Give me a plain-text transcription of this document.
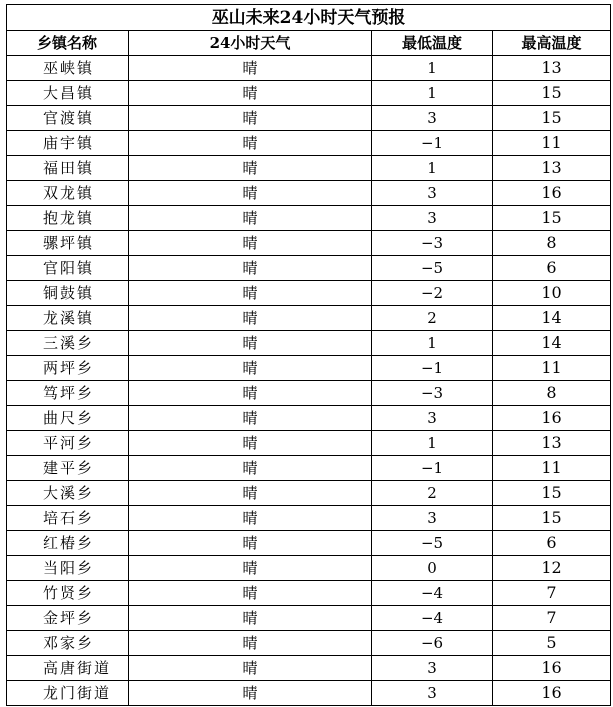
巫山未来24小时天气预报			
乡镇名称	24小时天气	最低温度	最高温度
巫峡镇	晴	1	13
大昌镇	晴	1	15
官渡镇	晴	3	15
庙宇镇	晴	−1	11
福田镇	晴	1	13
双龙镇	晴	3	16
抱龙镇	晴	3	15
骡坪镇	晴	−3	8
官阳镇	晴	−5	6
铜鼓镇	晴	−2	10
龙溪镇	晴	2	14
三溪乡	晴	1	14
两坪乡	晴	−1	11
笃坪乡	晴	−3	8
曲尺乡	晴	3	16
平河乡	晴	1	13
建平乡	晴	−1	11
大溪乡	晴	2	15
培石乡	晴	3	15
红椿乡	晴	−5	6
当阳乡	晴	0	12
竹贤乡	晴	−4	7
金坪乡	晴	−4	7
邓家乡	晴	−6	5
高唐街道	晴	3	16
龙门街道	晴	3	16
